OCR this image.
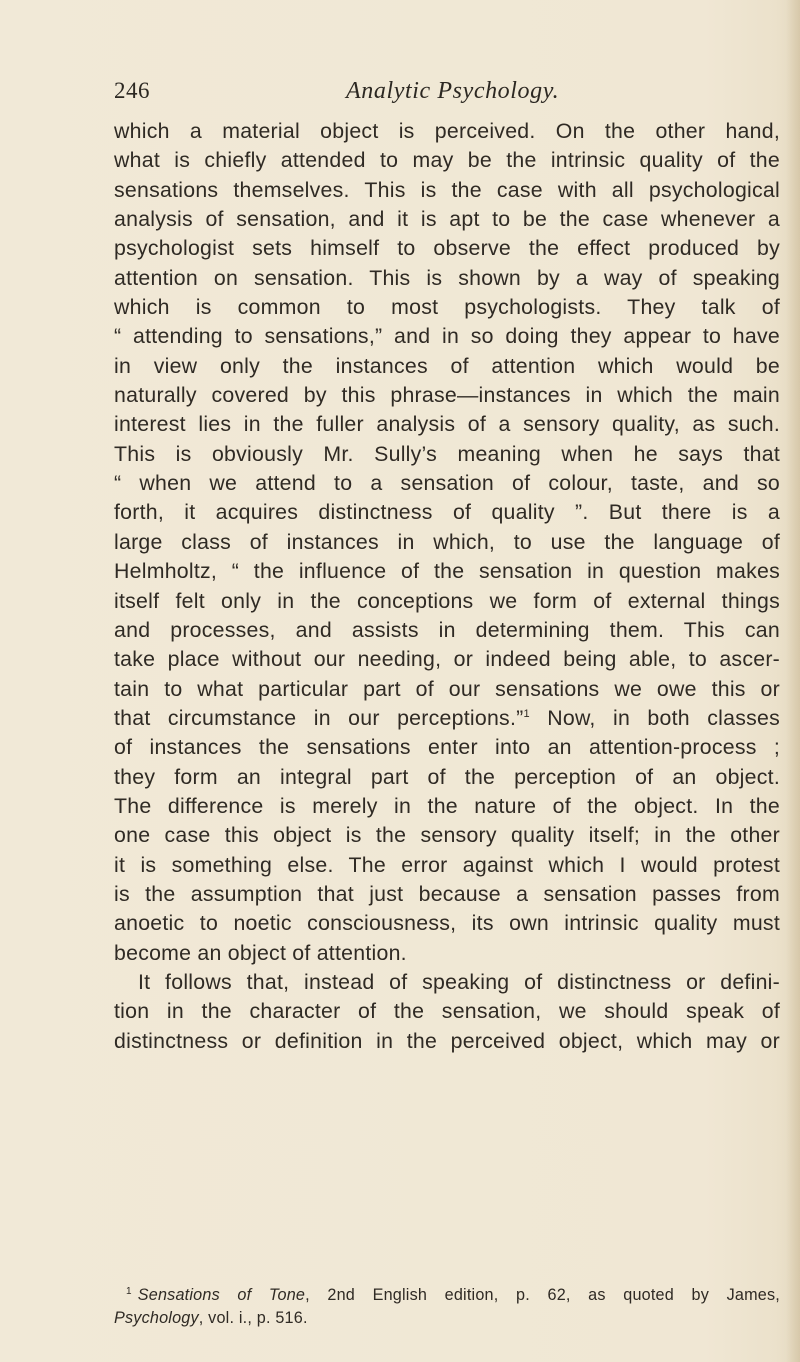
246	Analytic Psychology.
which a material object is perceived. On the other hand,
what is chiefly attended to may be the intrinsic quality of the
sensations themselves. This is the case with all psychological
analysis of sensation, and it is apt to be the case whenever a
psychologist sets himself to observe the effect produced by
attention on sensation. This is shown by a way of speaking
which is common to most psychologists. They talk of
“ attending to sensations,” and in so doing they appear to have
in view only the instances of attention which would be
naturally covered by this phrase—instances in which the main
interest lies in the fuller analysis of a sensory quality, as such.
This is obviously Mr. Sully’s meaning when he says that
“ when we attend to a sensation of colour, taste, and so
forth, it acquires distinctness of quality ”. But there is a
large class of instances in which, to use the language of
Helmholtz, “ the influence of the sensation in question makes
itself felt only in the conceptions we form of external things
and processes, and assists in determining them. This can
take place without our needing, or indeed being able, to ascer-
tain to what particular part of our sensations we owe this or
that circumstance in our perceptions.”$^1$ Now, in both classes
of instances the sensations enter into an attention-process ;
they form an integral part of the perception of an object.
The difference is merely in the nature of the object. In the
one case this object is the sensory quality itself; in the other
it is something else. The error against which I would protest
is the assumption that just because a sensation passes from
anoetic to noetic consciousness, its own intrinsic quality must
become an object of attention.
It follows that, instead of speaking of distinctness or defini-
tion in the character of the sensation, we should speak of
distinctness or definition in the perceived object, which may or
$^1$ Sensations of Tone, 2nd English edition, p. 62, as quoted by James,
Psychology, vol. i., p. 516.
